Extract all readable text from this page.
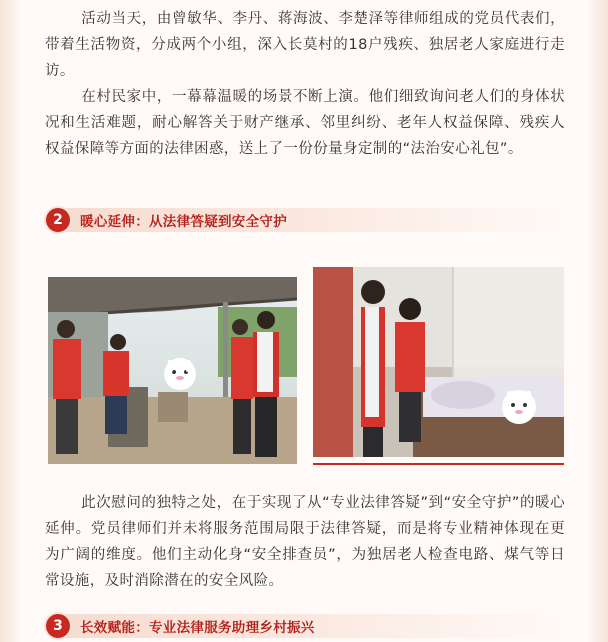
活动当天，由曾敏华、李丹、蒋海波、李楚泽等律师组成的党员代表们，带着生活物资，分成两个小组，深入长莫村的18户残疾、独居老人家庭进行走访。

在村民家中，一幕幕温暖的场景不断上演。他们细致询问老人们的身体状况和生活难题，耐心解答关于财产继承、邻里纠纷、老年人权益保障、残疾人权益保障等方面的法律困惑，送上了一份份量身定制的“法治安心礼包”。

2	暖心延伸：从法律答疑到安全守护

此次慰问的独特之处，在于实现了从“专业法律答疑”到“安全守护”的暖心延伸。党员律师们并未将服务范围局限于法律答疑，而是将专业精神体现在更为广阔的维度。他们主动化身“安全排查员”，为独居老人检查电路、煤气等日常设施，及时消除潜在的安全风险。

3	长效赋能：专业法律服务助理乡村振兴
